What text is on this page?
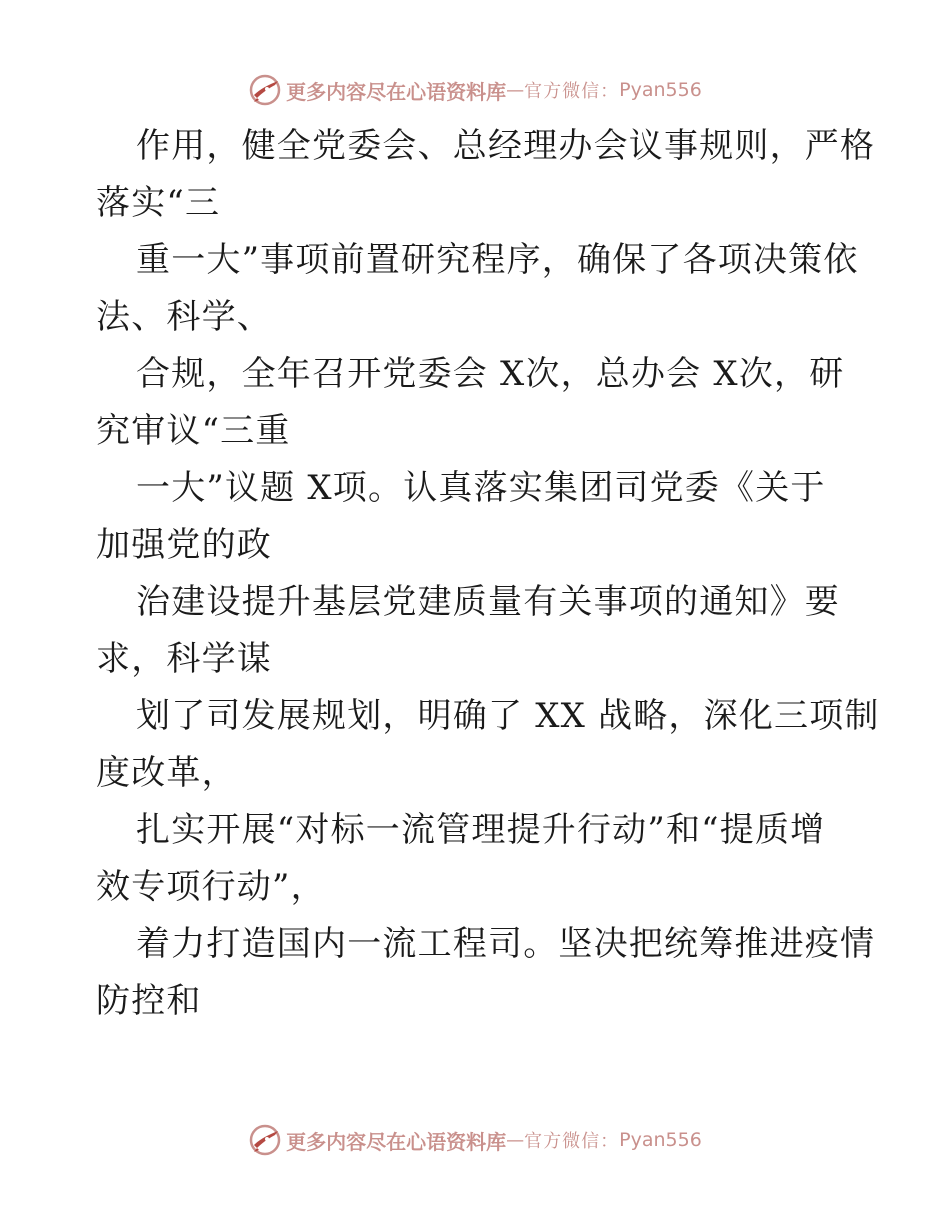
更多内容尽在心语资料库 — 官方微信： Pyan556
作用，健全党委会、总经理办会议事规则，严格
落实“三
重一大”事项前置研究程序，确保了各项决策依
法、科学、
合规，全年召开党委会 X次，总办会 X次，研
究审议“三重
一大”议题 X项。认真落实集团司党委《关于
加强党的政
治建设提升基层党建质量有关事项的通知》要
求，科学谋
划了司发展规划，明确了 XX 战略，深化三项制
度改革，
扎实开展“对标一流管理提升行动”和“提质增
效专项行动”，
着力打造国内一流工程司。坚决把统筹推进疫情
防控和
更多内容尽在心语资料库 — 官方微信： Pyan556
